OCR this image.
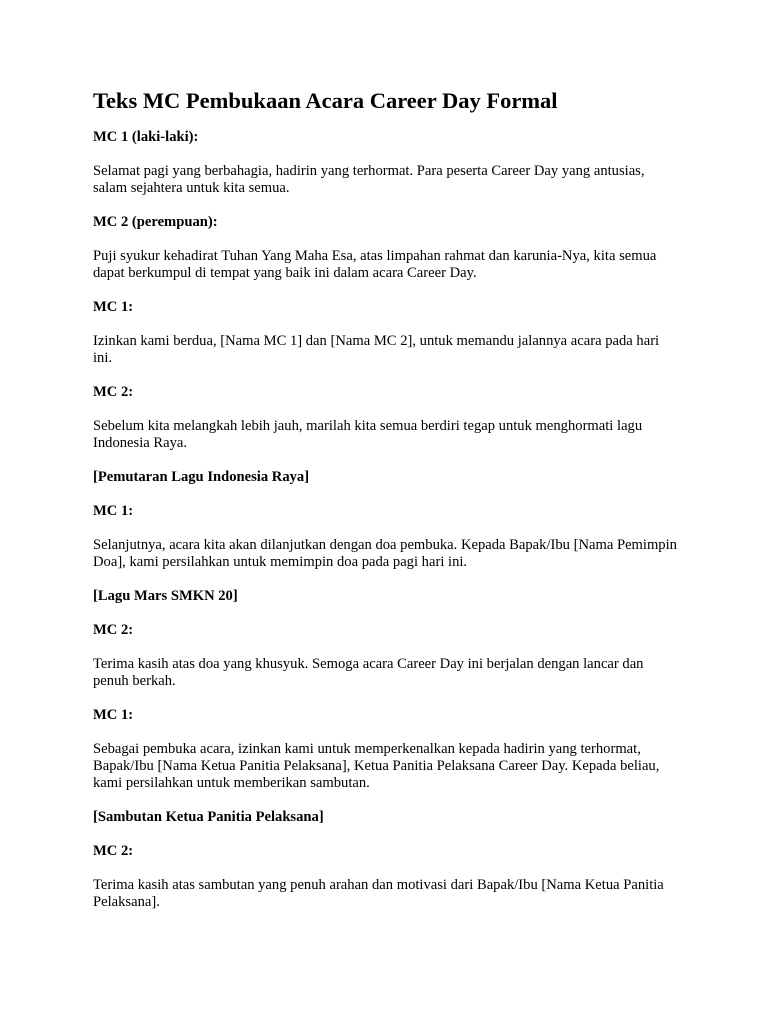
Teks MC Pembukaan Acara Career Day Formal

MC 1 (laki-laki):

Selamat pagi yang berbahagia, hadirin yang terhormat. Para peserta Career Day yang antusias, salam sejahtera untuk kita semua.

MC 2 (perempuan):

Puji syukur kehadirat Tuhan Yang Maha Esa, atas limpahan rahmat dan karunia-Nya, kita semua dapat berkumpul di tempat yang baik ini dalam acara Career Day.

MC 1:

Izinkan kami berdua, [Nama MC 1] dan [Nama MC 2], untuk memandu jalannya acara pada hari ini.

MC 2:

Sebelum kita melangkah lebih jauh, marilah kita semua berdiri tegap untuk menghormati lagu Indonesia Raya.

[Pemutaran Lagu Indonesia Raya]

MC 1:

Selanjutnya, acara kita akan dilanjutkan dengan doa pembuka. Kepada Bapak/Ibu [Nama Pemimpin Doa], kami persilahkan untuk memimpin doa pada pagi hari ini.

[Lagu Mars SMKN 20]

MC 2:

Terima kasih atas doa yang khusyuk. Semoga acara Career Day ini berjalan dengan lancar dan penuh berkah.

MC 1:

Sebagai pembuka acara, izinkan kami untuk memperkenalkan kepada hadirin yang terhormat, Bapak/Ibu [Nama Ketua Panitia Pelaksana], Ketua Panitia Pelaksana Career Day. Kepada beliau, kami persilahkan untuk memberikan sambutan.

[Sambutan Ketua Panitia Pelaksana]

MC 2:

Terima kasih atas sambutan yang penuh arahan dan motivasi dari Bapak/Ibu [Nama Ketua Panitia Pelaksana].
